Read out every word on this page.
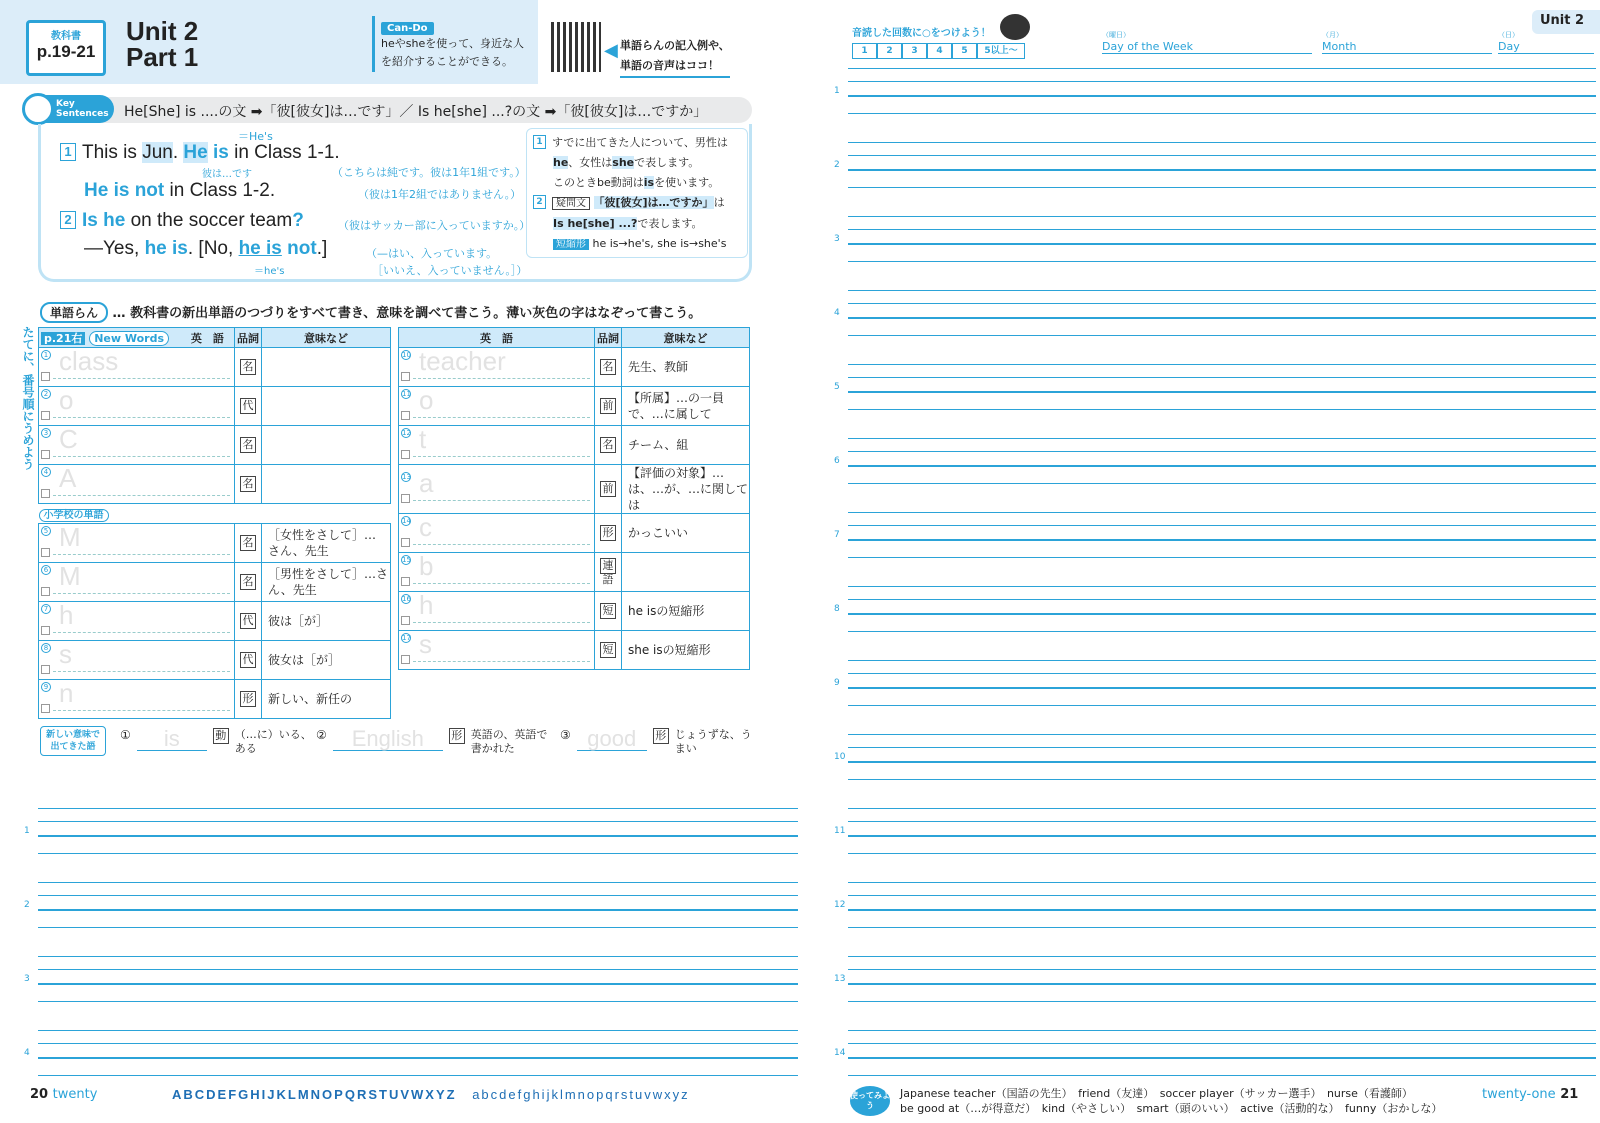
教科書
p.19-21
Unit 2
Part 1
Can-Do
heやsheを使って、身近な人を紹介することができる。
◀ 単語らんの記入例や、
単語の音声はココ！
Key Sentences	He[She] is ....の文 ➡「彼[彼女]は…です」／ Is he[she] ...?の文 ➡「彼[彼女]は…ですか」
＝He's
1 This is Jun. He is in Class 1-1.
彼は…です	（こちらは純です。彼は1年1組です。）
He is not in Class 1-2.	（彼は1年2組ではありません。）
2 Is he on the soccer team?	（彼はサッカー部に入っていますか。）
—Yes, he is. [No, he is not.]
＝he's
（—はい、入っています。
［いいえ、入っていません。］）
1 すでに出てきた人について、男性は
he、女性はsheで表します。
このときbe動詞はisを使います。
2 疑問文 「彼[彼女]は…ですか」は
Is he[she] ...?で表します。
短縮形 he is→he's, she is→she's
単語らん … 教科書の新出単語のつづりをすべて書き、意味を調べて書こう。薄い灰色の字はなぞって書こう。
たてに、番号順にうめよう p.21右 New Words 英　語	品詞	意味など

1 class	名	

2 o	代	

3 C	名	

4 A	名	
小学校の単語		

5 M	名	［女性をさして］… さん、先生

6 M	名	［男性をさして］…さん、先生

7 h	代	彼は［が］

8 s	代	彼女は［が］

9 n	形	新しい、新任の
英　語	品詞	意味など

10 teacher	名	先生、教師

11 o	前	【所属】…の一員で、…に属して

12 t	名	チーム、組

13 a	前	【評価の対象】…は、…が、…に関しては

14 c	形	かっこいい

15 b	連語	

16 h	短	he isの短縮形

17 s	短	she isの短縮形
新しい意味で出てきた語
①	is	動 （…に）いる、ある
②	English	形 英語の、英語で書かれた
③ good	形 じょうずな、うまい
1
2
3
4
20 twenty	ABCDEFGHIJKLMNOPQRSTUVWXYZ abcdefghijklmnopqrstuvwxyz
Unit 2
音読した回数に○をつけよう！
1 2 3 4 5 5以上〜
（曜日）
Day of the Week
（月）
Month
（日）
Day
1
2
3
4
5
6
7
8
9
10
11
12
13
14
使ってみよう
Japanese teacher（国語の先生）　friend（友達）　soccer player（サッカー選手）　nurse（看護師）
be good at（…が得意だ）　kind（やさしい）　smart（頭のいい）　active（活動的な）　funny（おかしな）
twenty-one 21
